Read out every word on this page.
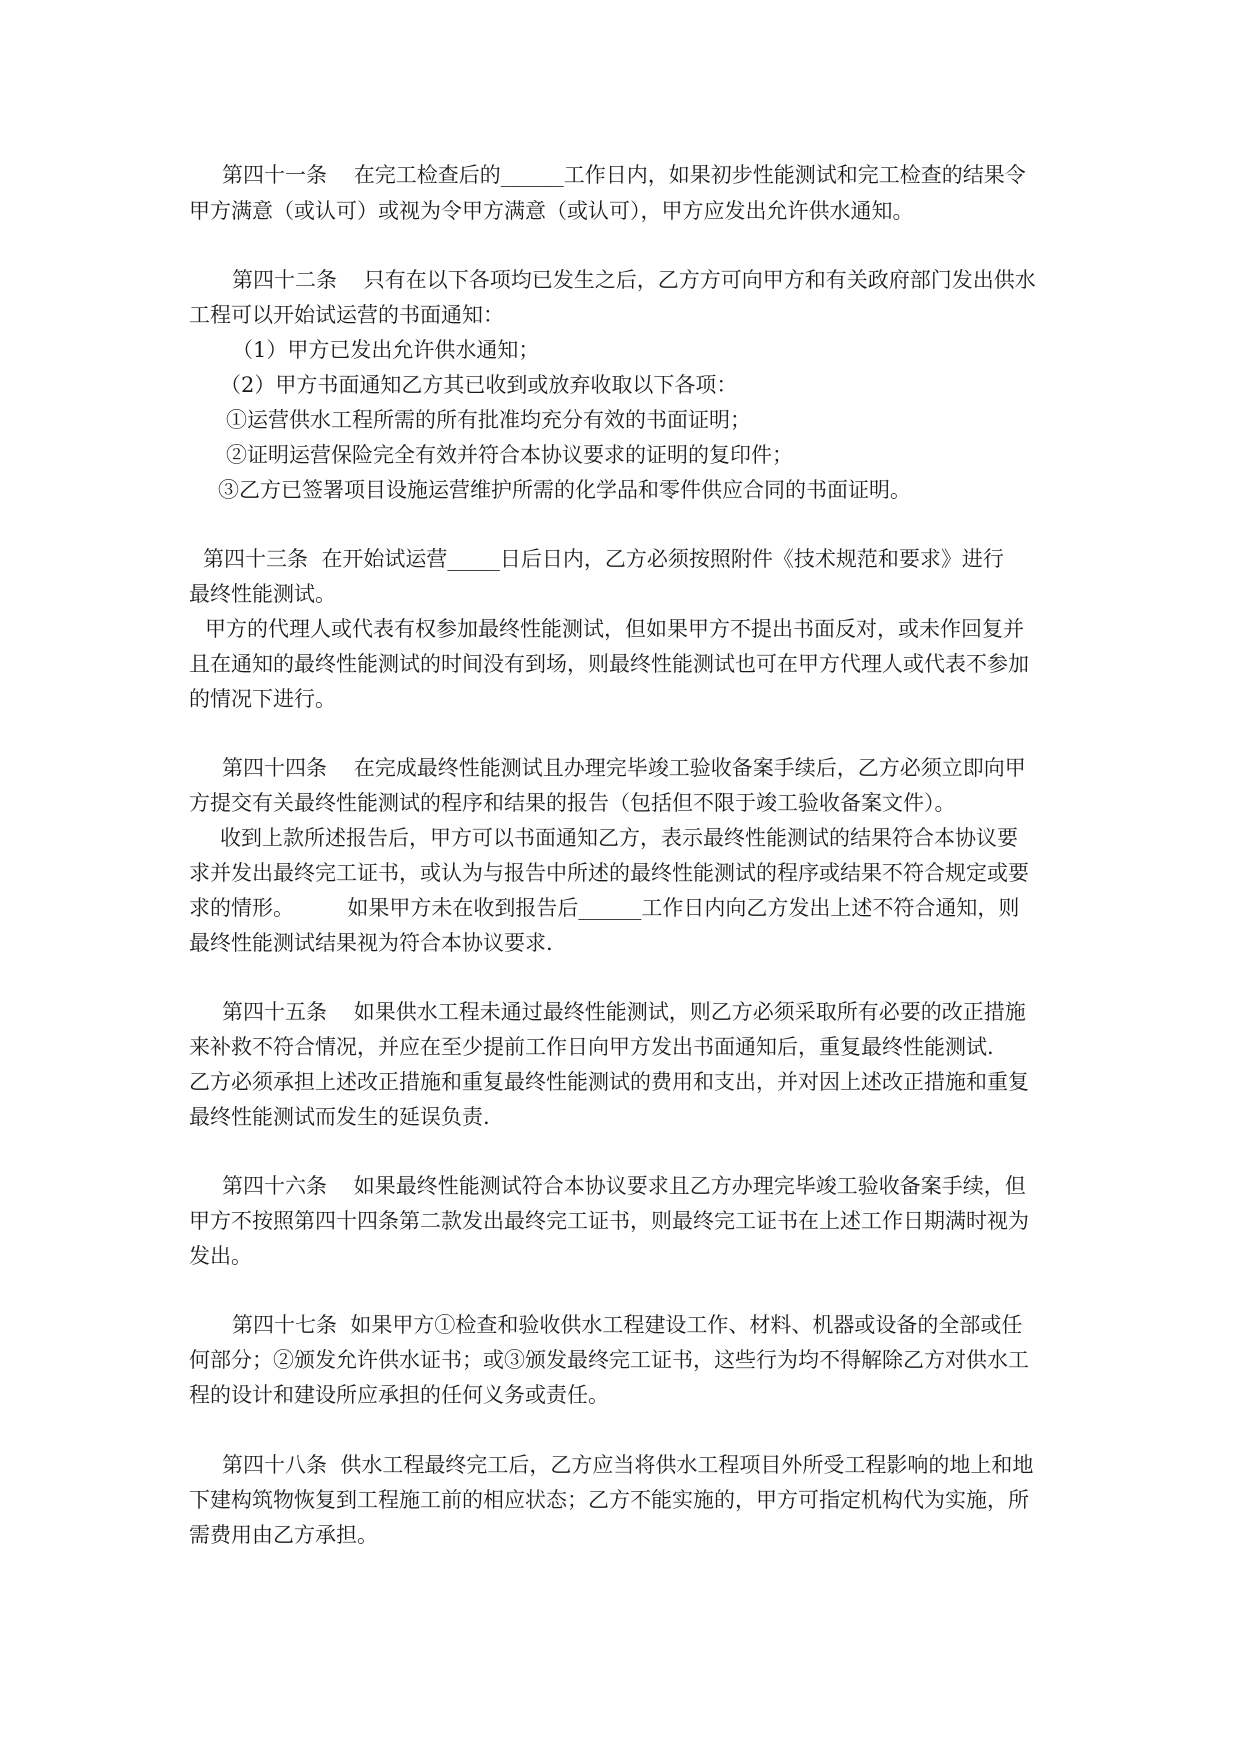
第四十一条    在完工检查后的______工作日内，如果初步性能测试和完工检查的结果令
甲方满意（或认可）或视为令甲方满意（或认可），甲方应发出允许供水通知。
第四十二条    只有在以下各项均已发生之后，乙方方可向甲方和有关政府部门发出供水
工程可以开始试运营的书面通知：
（1）甲方已发出允许供水通知；
（2）甲方书面通知乙方其已收到或放弃收取以下各项：
①运营供水工程所需的所有批准均充分有效的书面证明；
②证明运营保险完全有效并符合本协议要求的证明的复印件；
③乙方已签署项目设施运营维护所需的化学品和零件供应合同的书面证明。
第四十三条  在开始试运营_____日后日内，乙方必须按照附件《技术规范和要求》进行
最终性能测试。
甲方的代理人或代表有权参加最终性能测试，但如果甲方不提出书面反对，或未作回复并
且在通知的最终性能测试的时间没有到场，则最终性能测试也可在甲方代理人或代表不参加
的情况下进行。
第四十四条    在完成最终性能测试且办理完毕竣工验收备案手续后，乙方必须立即向甲
方提交有关最终性能测试的程序和结果的报告（包括但不限于竣工验收备案文件）。
收到上款所述报告后，甲方可以书面通知乙方，表示最终性能测试的结果符合本协议要
求并发出最终完工证书，或认为与报告中所述的最终性能测试的程序或结果不符合规定或要
求的情形。        如果甲方未在收到报告后______工作日内向乙方发出上述不符合通知，则
最终性能测试结果视为符合本协议要求.
第四十五条    如果供水工程未通过最终性能测试，则乙方必须采取所有必要的改正措施
来补救不符合情况，并应在至少提前工作日向甲方发出书面通知后，重复最终性能测试.
乙方必须承担上述改正措施和重复最终性能测试的费用和支出，并对因上述改正措施和重复
最终性能测试而发生的延误负责.
第四十六条    如果最终性能测试符合本协议要求且乙方办理完毕竣工验收备案手续，但
甲方不按照第四十四条第二款发出最终完工证书，则最终完工证书在上述工作日期满时视为
发出。
第四十七条  如果甲方①检查和验收供水工程建设工作、材料、机器或设备的全部或任
何部分；②颁发允许供水证书；或③颁发最终完工证书，这些行为均不得解除乙方对供水工
程的设计和建设所应承担的任何义务或责任。
第四十八条  供水工程最终完工后，乙方应当将供水工程项目外所受工程影响的地上和地
下建构筑物恢复到工程施工前的相应状态；乙方不能实施的，甲方可指定机构代为实施，所
需费用由乙方承担。
